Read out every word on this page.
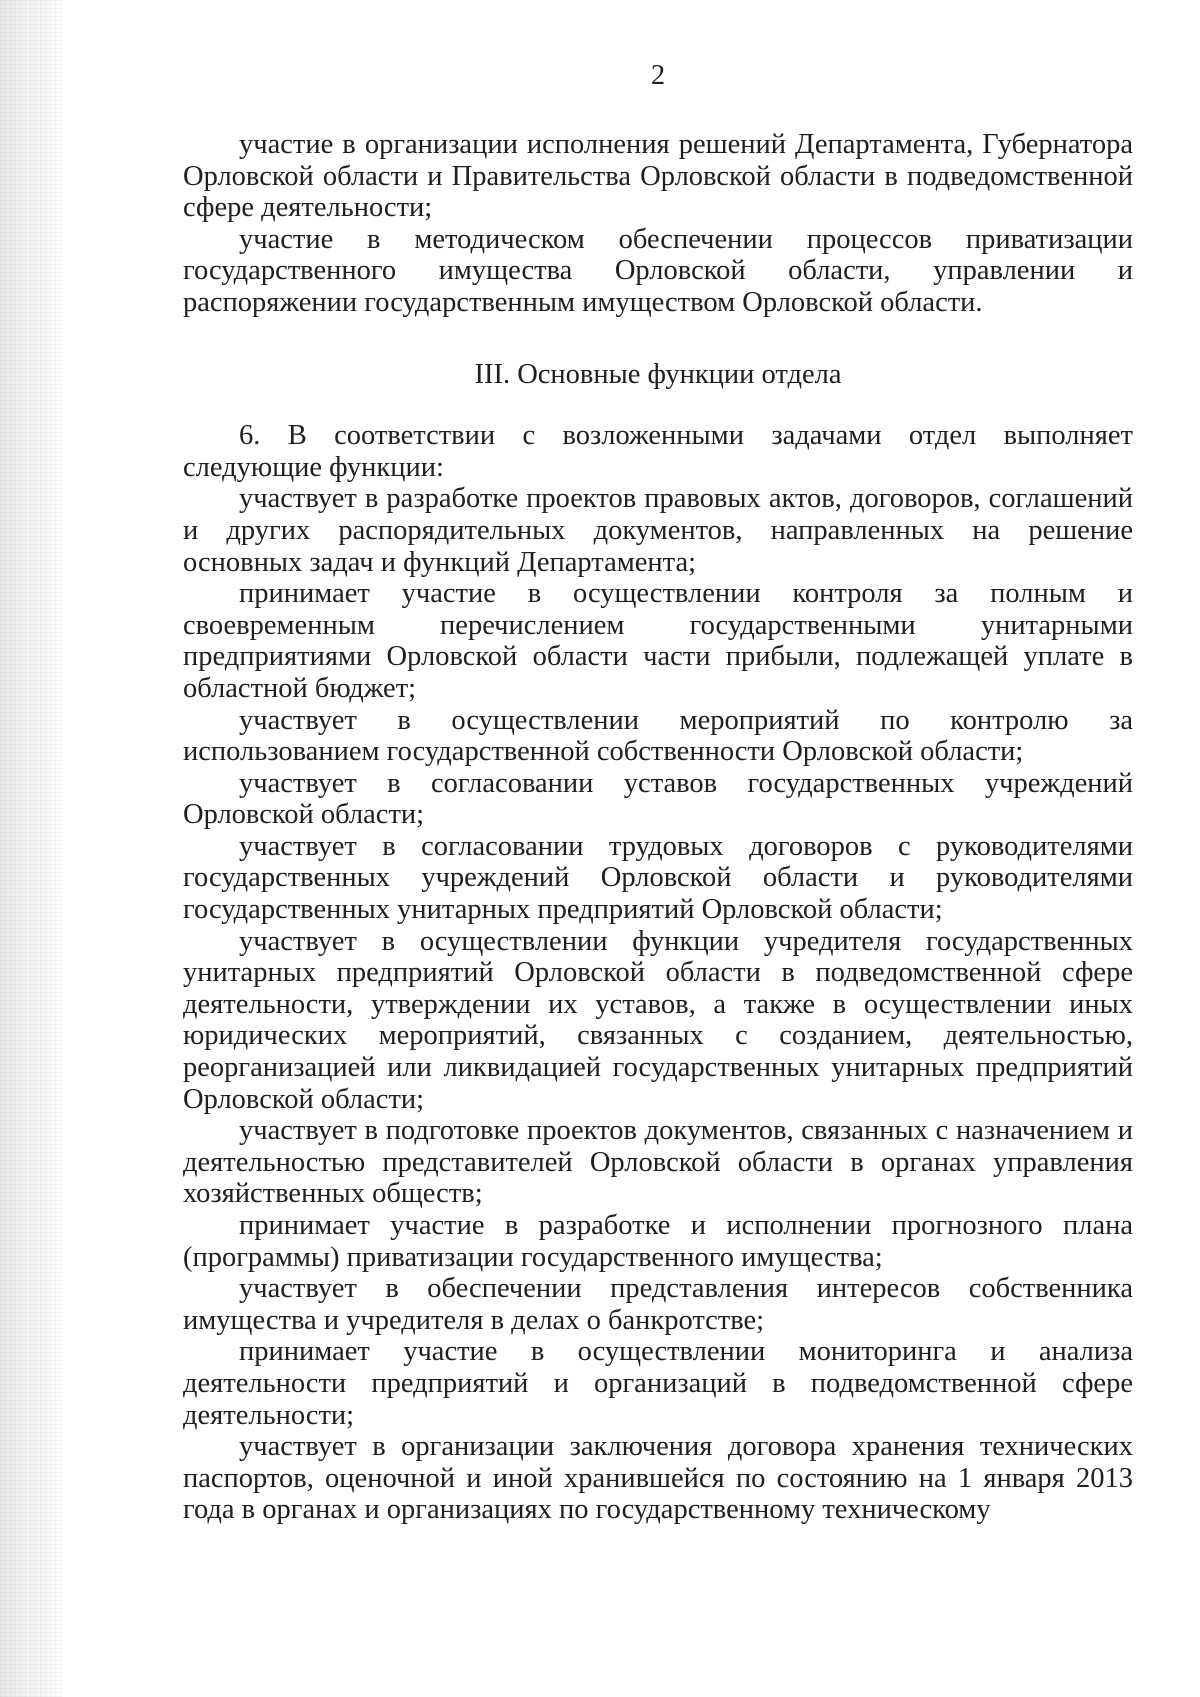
2

участие в организации исполнения решений Департамента, Губернатора Орловской области и Правительства Орловской области в подведомственной сфере деятельности;

участие в методическом обеспечении процессов приватизации государственного имущества Орловской области, управлении и распоряжении государственным имуществом Орловской области.

III. Основные функции отдела

6. В соответствии с возложенными задачами отдел выполняет следующие функции:

участвует в разработке проектов правовых актов, договоров, соглашений и других распорядительных документов, направленных на решение основных задач и функций Департамента;

принимает участие в осуществлении контроля за полным и своевременным перечислением государственными унитарными предприятиями Орловской области части прибыли, подлежащей уплате в областной бюджет;

участвует в осуществлении мероприятий по контролю за использованием государственной собственности Орловской области;

участвует в согласовании уставов государственных учреждений Орловской области;

участвует в согласовании трудовых договоров с руководителями государственных учреждений Орловской области и руководителями государственных унитарных предприятий Орловской области;

участвует в осуществлении функции учредителя государственных унитарных предприятий Орловской области в подведомственной сфере деятельности, утверждении их уставов, а также в осуществлении иных юридических мероприятий, связанных с созданием, деятельностью, реорганизацией или ликвидацией государственных унитарных предприятий Орловской области;

участвует в подготовке проектов документов, связанных с назначением и деятельностью представителей Орловской области в органах управления хозяйственных обществ;

принимает участие в разработке и исполнении прогнозного плана (программы) приватизации государственного имущества;

участвует в обеспечении представления интересов собственника имущества и учредителя в делах о банкротстве;

принимает участие в осуществлении мониторинга и анализа деятельности предприятий и организаций в подведомственной сфере деятельности;

участвует в организации заключения договора хранения технических паспортов, оценочной и иной хранившейся по состоянию на 1 января 2013 года в органах и организациях по государственному техническому
